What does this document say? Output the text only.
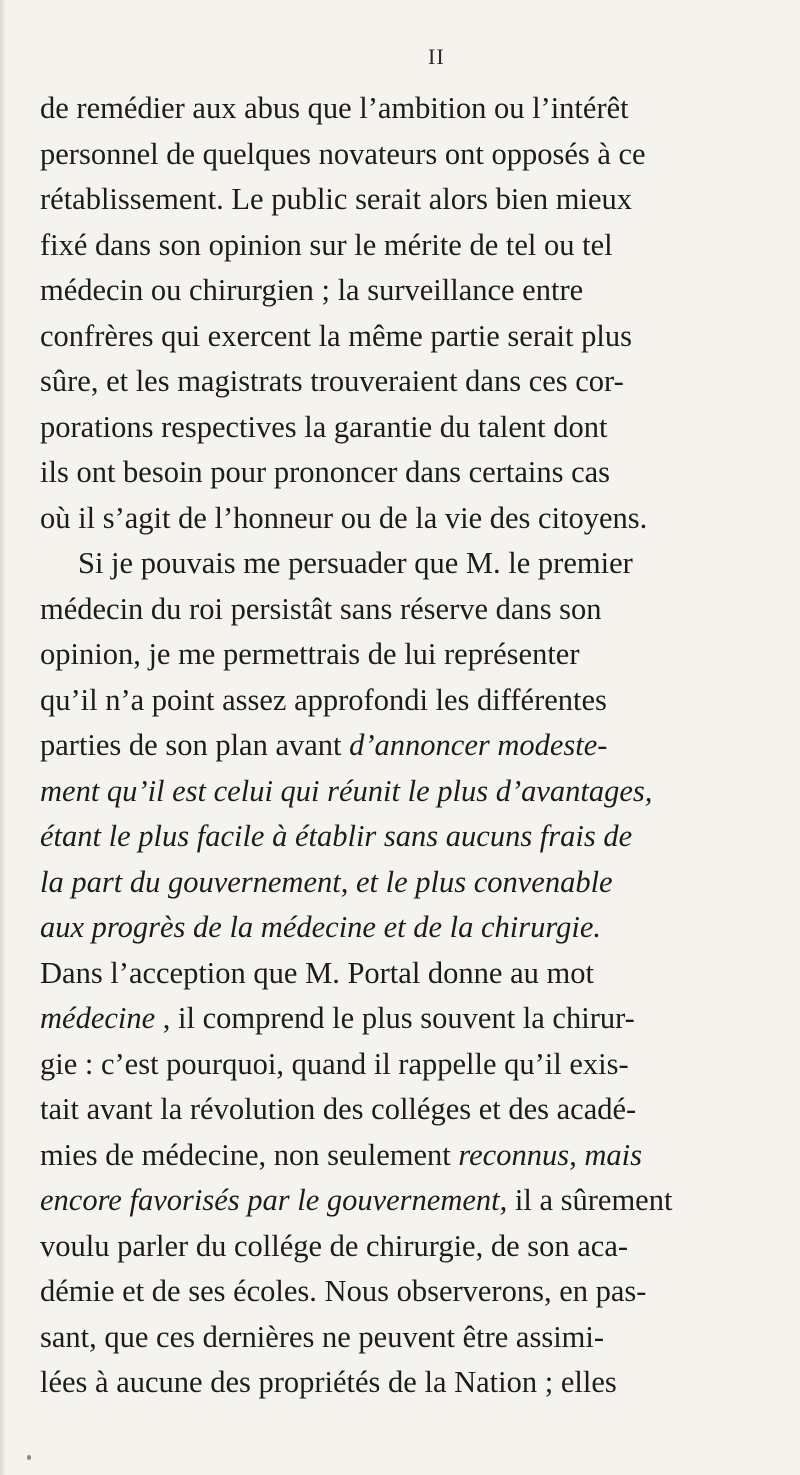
II
de remédier aux abus que l’ambition ou l’intérêt
personnel de quelques novateurs ont opposés à ce
rétablissement. Le public serait alors bien mieux
fixé dans son opinion sur le mérite de tel ou tel
médecin ou chirurgien ; la surveillance entre
confrères qui exercent la même partie serait plus
sûre, et les magistrats trouveraient dans ces cor-
porations respectives la garantie du talent dont
ils ont besoin pour prononcer dans certains cas
où il s’agit de l’honneur ou de la vie des citoyens.
Si je pouvais me persuader que M. le premier
médecin du roi persistât sans réserve dans son
opinion, je me permettrais de lui représenter
qu’il n’a point assez approfondi les différentes
parties de son plan avant d’annoncer modeste-
ment qu’il est celui qui réunit le plus d’avantages,
étant le plus facile à établir sans aucuns frais de
la part du gouvernement, et le plus convenable
aux progrès de la médecine et de la chirurgie.
Dans l’acception que M. Portal donne au mot
médecine , il comprend le plus souvent la chirur-
gie : c’est pourquoi, quand il rappelle qu’il exis-
tait avant la révolution des colléges et des acadé-
mies de médecine, non seulement reconnus, mais
encore favorisés par le gouvernement, il a sûrement
voulu parler du collége de chirurgie, de son aca-
démie et de ses écoles. Nous observerons, en pas-
sant, que ces dernières ne peuvent être assimi-
lées à aucune des propriétés de la Nation ; elles
